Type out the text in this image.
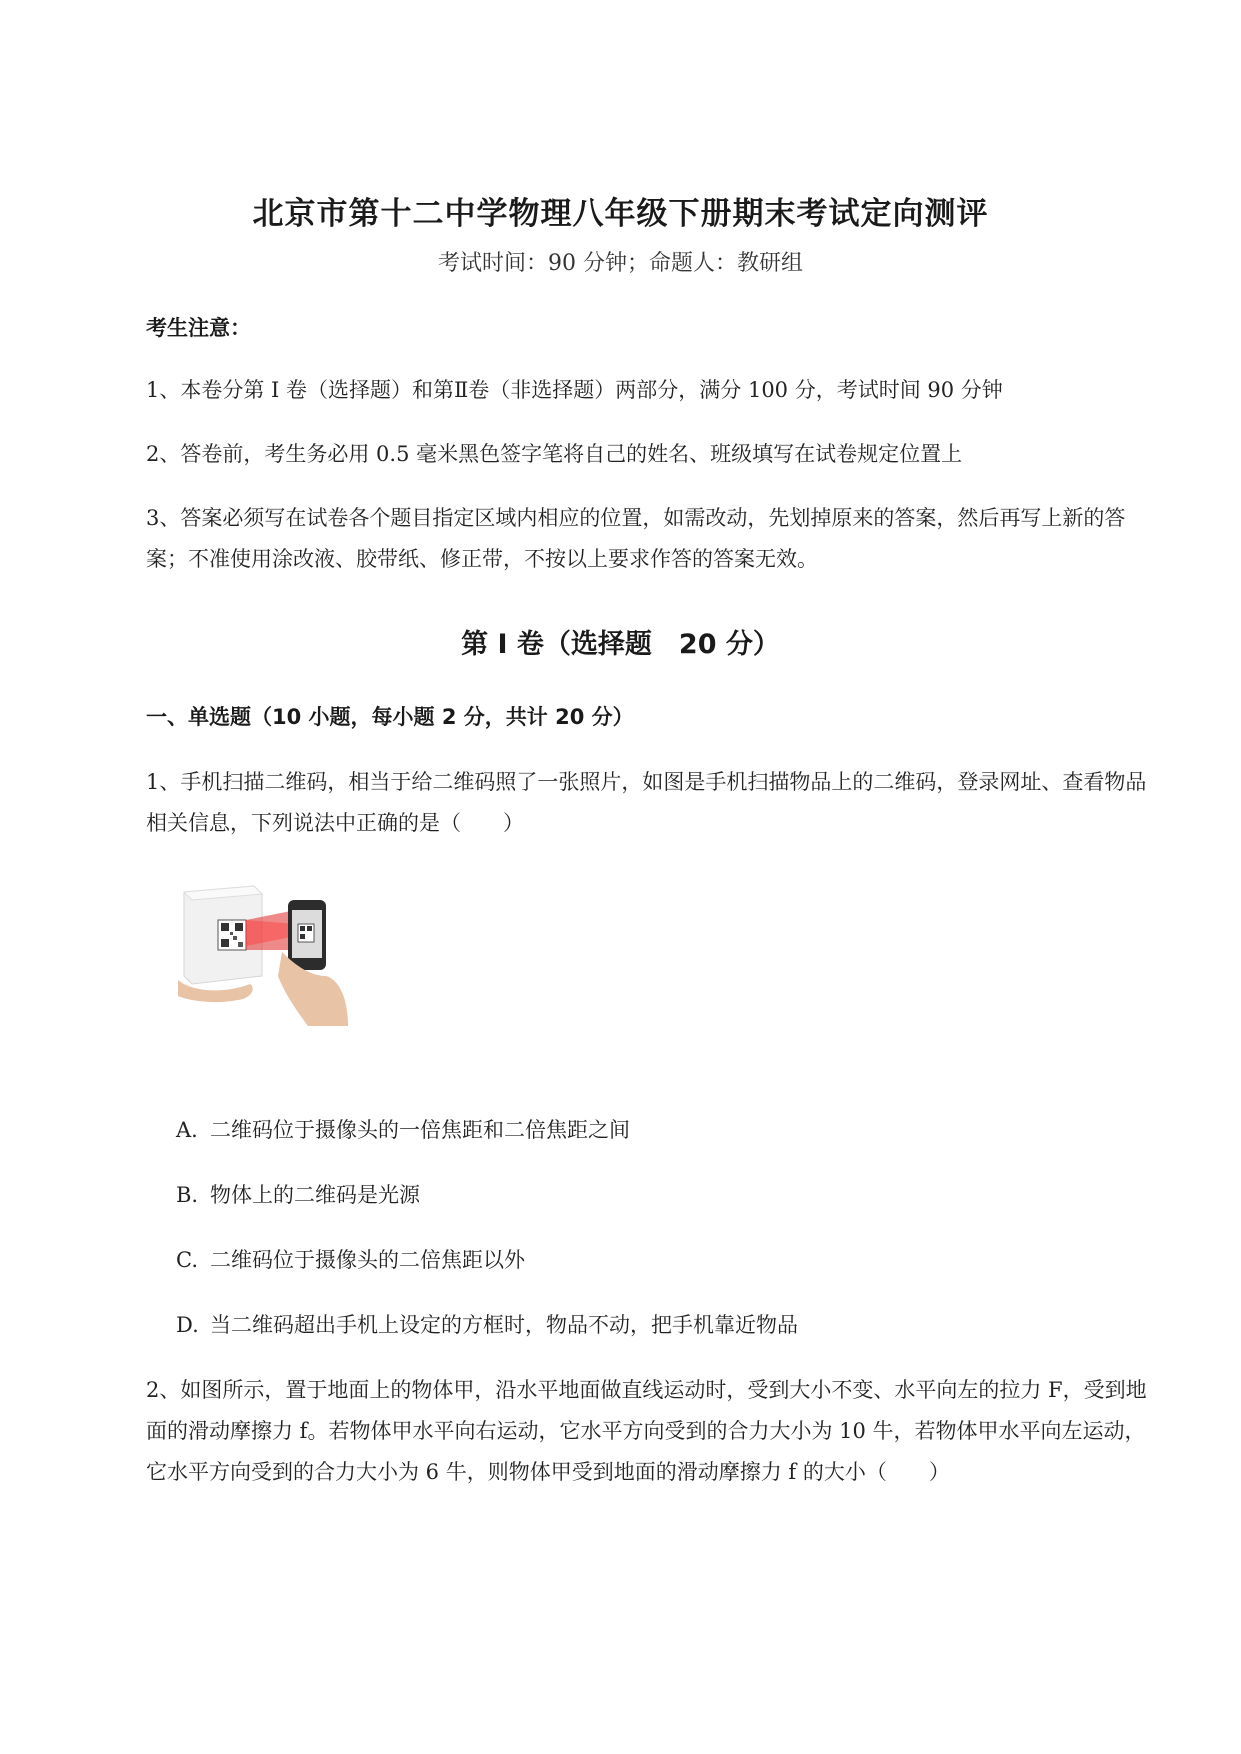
北京市第十二中学物理八年级下册期末考试定向测评
考试时间：90 分钟；命题人：教研组
考生注意：
1、本卷分第 I 卷（选择题）和第Ⅱ卷（非选择题）两部分，满分 100 分，考试时间 90 分钟
2、答卷前，考生务必用 0.5 毫米黑色签字笔将自己的姓名、班级填写在试卷规定位置上
3、答案必须写在试卷各个题目指定区域内相应的位置，如需改动，先划掉原来的答案，然后再写上新的答案；不准使用涂改液、胶带纸、修正带，不按以上要求作答的答案无效。
第 I 卷（选择题　20 分）
一、单选题（10 小题，每小题 2 分，共计 20 分）
1、手机扫描二维码，相当于给二维码照了一张照片，如图是手机扫描物品上的二维码，登录网址、查看物品相关信息，下列说法中正确的是（　　）
A. 二维码位于摄像头的一倍焦距和二倍焦距之间
B. 物体上的二维码是光源
C. 二维码位于摄像头的二倍焦距以外
D. 当二维码超出手机上设定的方框时，物品不动，把手机靠近物品
2、如图所示，置于地面上的物体甲，沿水平地面做直线运动时，受到大小不变、水平向左的拉力 F，受到地面的滑动摩擦力 f。若物体甲水平向右运动，它水平方向受到的合力大小为 10 牛，若物体甲水平向左运动，它水平方向受到的合力大小为 6 牛，则物体甲受到地面的滑动摩擦力 f 的大小（　　）
